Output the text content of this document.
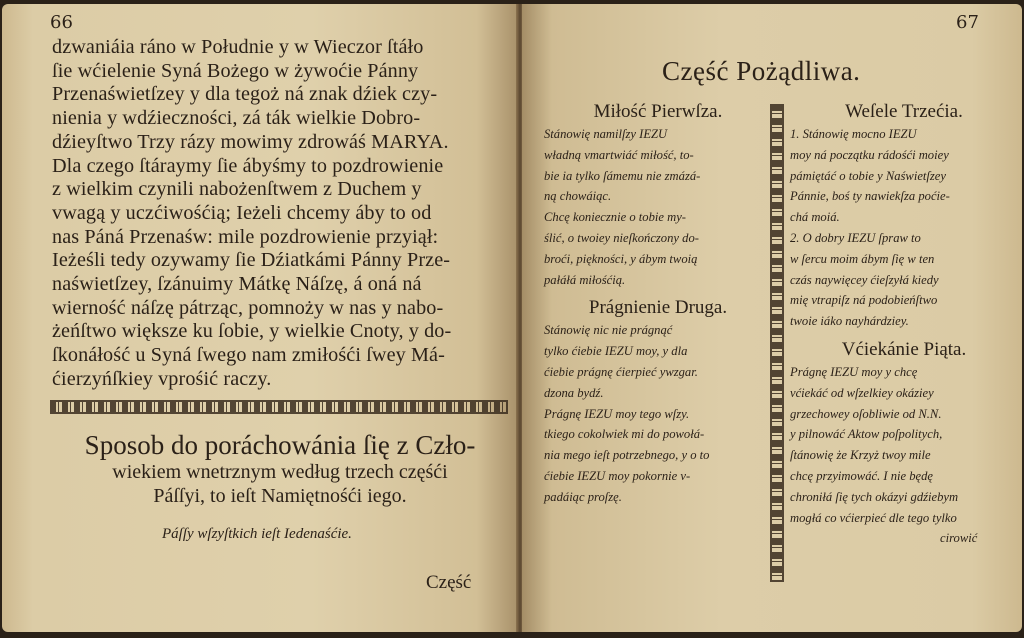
66
dzwaniáia ráno w Południe y w Wieczor ſtáło
ſie wćielenie Syná Bożego w żywoćie Pánny
Przenaświetſzey y dla tegoż ná znak dźiek czy-
nienia y wdźieczności, zá ták wielkie Dobro-
dźieyſtwo Trzy rázy mowimy zdrowáś MARYA.
Dla czego ſtáraymy ſie ábyśmy to pozdrowienie
z wielkim czynili nabożenſtwem z Duchem y
vwagą y uczćiwośćią; Ieżeli chcemy áby to od
nas Páná Przenaśw: mile pozdrowienie przyiął:
Ieżeśli tedy ozywamy ſie Dźiatkámi Pánny Prze-
naświetſzey, ſzánuimy Mátkę Náſzę, á oná ná
wierność náſzę pátrząc, pomnoży w nas y nabo-
żeńſtwo większe ku ſobie, y wielkie Cnoty, y do-
ſkonáłość u Syná ſwego nam zmiłośći ſwey Má-
ćierzyńſkiey vprośić raczy.
Sposob do poráchowánia ſię z Czło-
wiekiem wnetrznym według trzech częśći
Páſſyi, to ieſt Namiętnośći iego.
Páſſy wſzyſtkich ieſt Iedenaśćie.
Część
67
Część Pożądliwa.
Miłość Pierwſza.
Stánowię namilſzy IEZU
władną vmartwiáć miłość, to-
bie ia tylko ſámemu nie zmázá-
ną chowáiąc.
Chcę koniecznie o tobie my-
ślić, o twoiey nieſkończony do-
broći, piękności, y ábym twoią
pałáłá miłośćią.
Prágnienie Druga.
Stánowię nic nie prágnąć
tylko ćiebie IEZU moy, y dla
ćiebie prágnę ćierpieć ywzgar.
dzona bydź.
Prágnę IEZU moy tego wſzy.
tkiego cokolwiek mi do powołá-
nia mego ieſt potrzebnego, y o to
ćiebie IEZU moy pokornie v-
padáiąc proſzę.
Weſele Trzećia.
1. Stánowię mocno IEZU
moy ná początku rádośći moiey
pámiętáć o tobie y Naświetſzey
Pánnie, boś ty nawiekſza poćie-
chá moiá.
2. O dobry IEZU ſpraw to
w ſercu moim ábym ſię w ten
czás naywięcey ćieſzyłá kiedy
mię vtrapiſz ná podobieńſtwo
twoie iáko nayhárdziey.
Vćiekánie Piąta.
Prágnę IEZU moy y chcę
vćiekáć od wſzelkiey okáziey
grzechowey oſobliwie od N.N.
y pilnowáć Aktow poſpolitych,
ſtánowię że Krzyż twoy mile
chcę przyimowáć. I nie będę
chroniłá ſię tych okázyi gdźiebym
mogłá co vćierpieć dle tego tylko
cirowić
